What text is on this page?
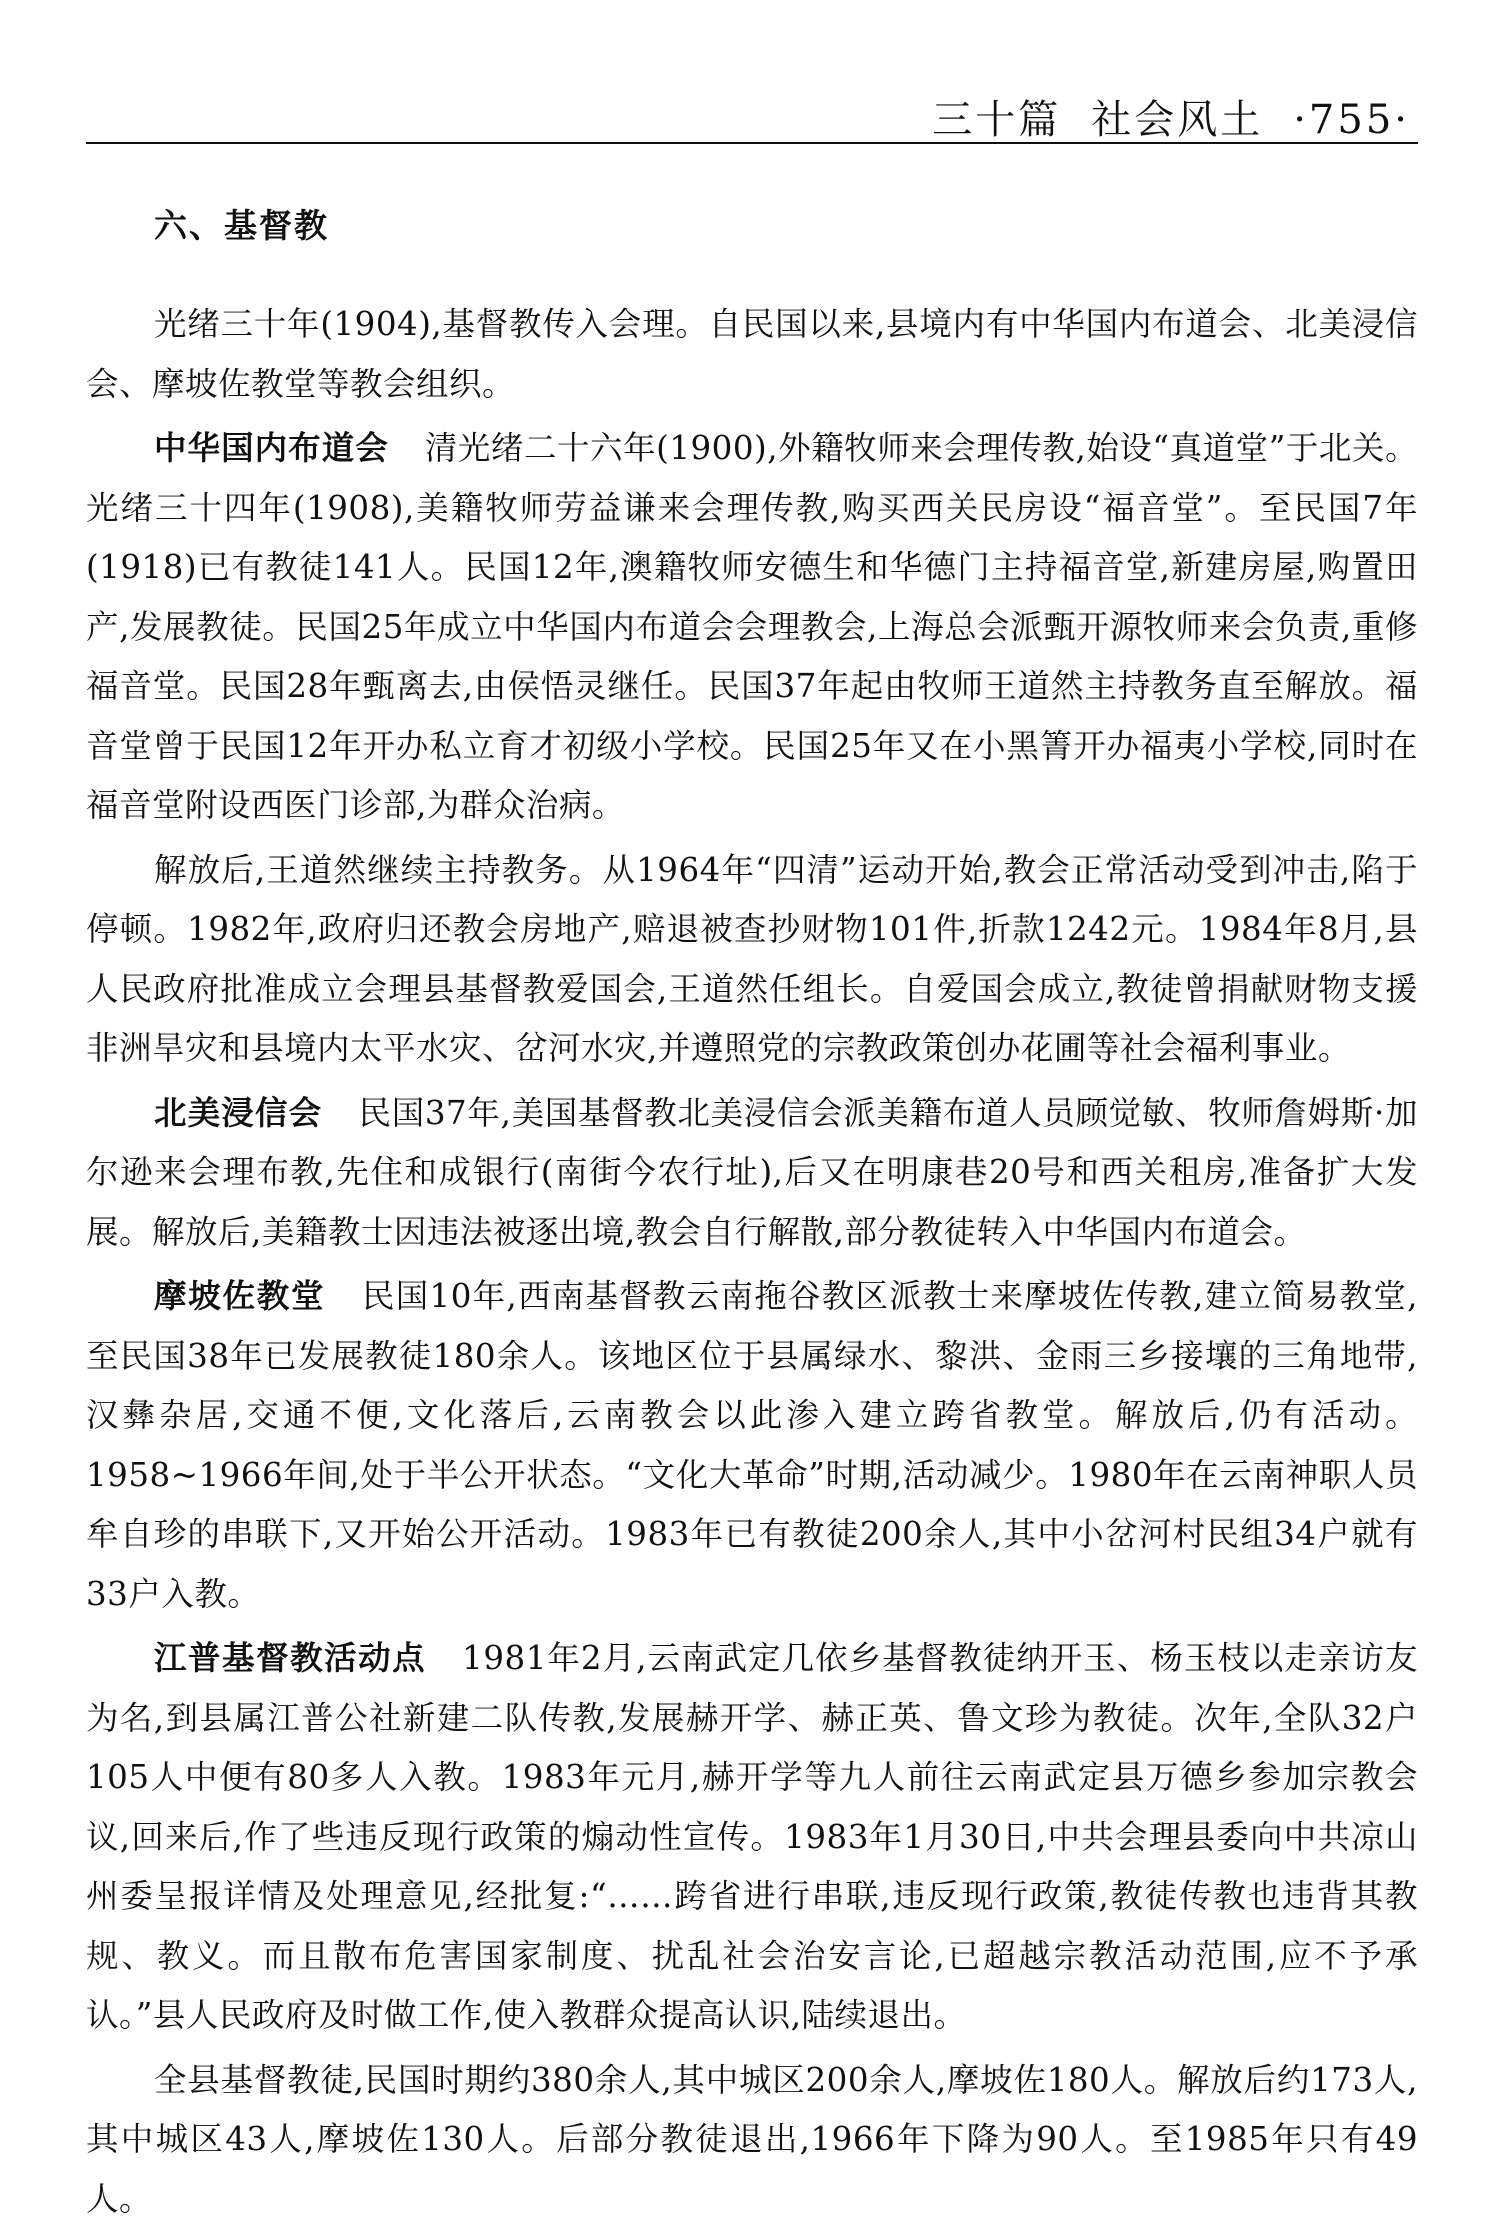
三十篇 社会风土 ·755·
六、基督教

光绪三十年(1904),基督教传入会理。自民国以来,县境内有中华国内布道会、北美浸信会、摩坡佐教堂等教会组织。

中华国内布道会 清光绪二十六年(1900),外籍牧师来会理传教,始设“真道堂”于北关。光绪三十四年(1908),美籍牧师劳益谦来会理传教,购买西关民房设“福音堂”。至民国7年(1918)已有教徒141人。民国12年,澳籍牧师安德生和华德门主持福音堂,新建房屋,购置田产,发展教徒。民国25年成立中华国内布道会会理教会,上海总会派甄开源牧师来会负责,重修福音堂。民国28年甄离去,由侯悟灵继任。民国37年起由牧师王道然主持教务直至解放。福音堂曾于民国12年开办私立育才初级小学校。民国25年又在小黑箐开办福夷小学校,同时在福音堂附设西医门诊部,为群众治病。

解放后,王道然继续主持教务。从1964年“四清”运动开始,教会正常活动受到冲击,陷于停顿。1982年,政府归还教会房地产,赔退被查抄财物101件,折款1242元。1984年8月,县人民政府批准成立会理县基督教爱国会,王道然任组长。自爱国会成立,教徒曾捐献财物支援非洲旱灾和县境内太平水灾、岔河水灾,并遵照党的宗教政策创办花圃等社会福利事业。

北美浸信会 民国37年,美国基督教北美浸信会派美籍布道人员顾觉敏、牧师詹姆斯·加尔逊来会理布教,先住和成银行(南街今农行址),后又在明康巷20号和西关租房,准备扩大发展。解放后,美籍教士因违法被逐出境,教会自行解散,部分教徒转入中华国内布道会。

摩坡佐教堂 民国10年,西南基督教云南拖谷教区派教士来摩坡佐传教,建立简易教堂,至民国38年已发展教徒180余人。该地区位于县属绿水、黎洪、金雨三乡接壤的三角地带,汉彝杂居,交通不便,文化落后,云南教会以此渗入建立跨省教堂。解放后,仍有活动。1958~1966年间,处于半公开状态。“文化大革命”时期,活动减少。1980年在云南神职人员牟自珍的串联下,又开始公开活动。1983年已有教徒200余人,其中小岔河村民组34户就有33户入教。

江普基督教活动点 1981年2月,云南武定几依乡基督教徒纳开玉、杨玉枝以走亲访友为名,到县属江普公社新建二队传教,发展赫开学、赫正英、鲁文珍为教徒。次年,全队32户105人中便有80多人入教。1983年元月,赫开学等九人前往云南武定县万德乡参加宗教会议,回来后,作了些违反现行政策的煽动性宣传。1983年1月30日,中共会理县委向中共凉山州委呈报详情及处理意见,经批复:“……跨省进行串联,违反现行政策,教徒传教也违背其教规、教义。而且散布危害国家制度、扰乱社会治安言论,已超越宗教活动范围,应不予承认。”县人民政府及时做工作,使入教群众提高认识,陆续退出。

全县基督教徒,民国时期约380余人,其中城区200余人,摩坡佐180人。解放后约173人,其中城区43人,摩坡佐130人。后部分教徒退出,1966年下降为90人。至1985年只有49人。
